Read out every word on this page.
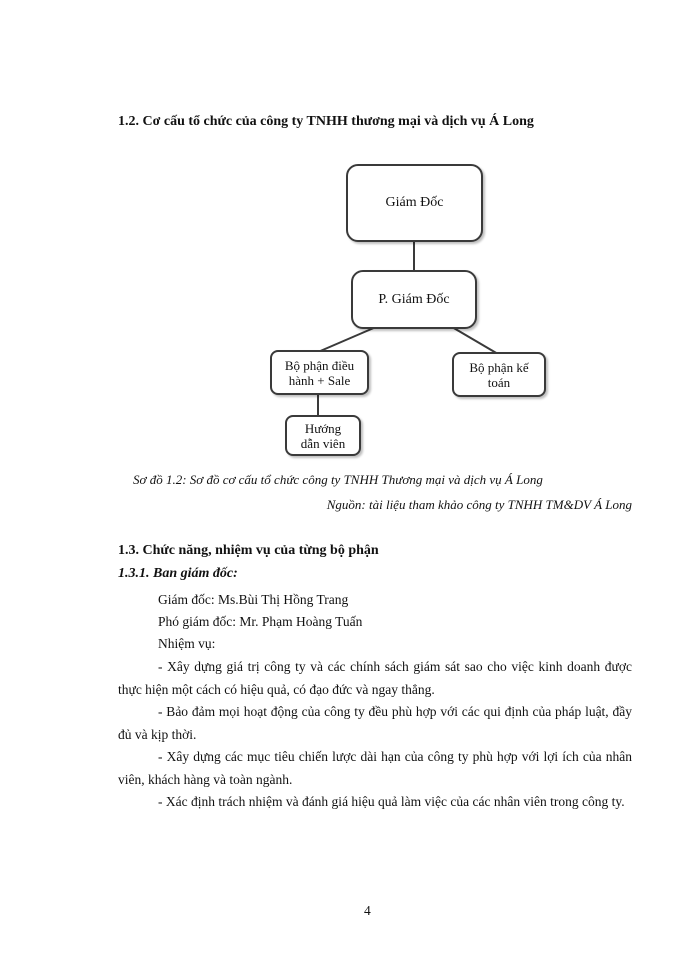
1.2. Cơ cấu tổ chức của công ty TNHH thương mại và dịch vụ Á Long
Giám Đốc
P. Giám Đốc
Bộ phận điều
hành + Sale
Bộ phận kế
toán
Hướng
dẫn viên
Sơ đồ 1.2: Sơ đồ cơ cấu tổ chức công ty TNHH Thương mại và dịch vụ Á Long
Nguồn: tài liệu tham khảo công ty TNHH TM&DV Á Long
1.3. Chức năng, nhiệm vụ của từng bộ phận
1.3.1. Ban giám đốc:
Giám đốc: Ms.Bùi Thị Hồng Trang
Phó giám đốc: Mr. Phạm Hoàng Tuấn
Nhiệm vụ:
- Xây dựng giá trị công ty và các chính sách giám sát sao cho việc kinh doanh được thực hiện một cách có hiệu quả, có đạo đức và ngay thẳng.
- Bảo đảm mọi hoạt động của công ty đều phù hợp với các qui định của pháp luật, đầy đủ và kịp thời.
- Xây dựng các mục tiêu chiến lược dài hạn của công ty phù hợp với lợi ích của nhân viên, khách hàng và toàn ngành.
- Xác định trách nhiệm và đánh giá hiệu quả làm việc của các nhân viên trong công ty.
4
